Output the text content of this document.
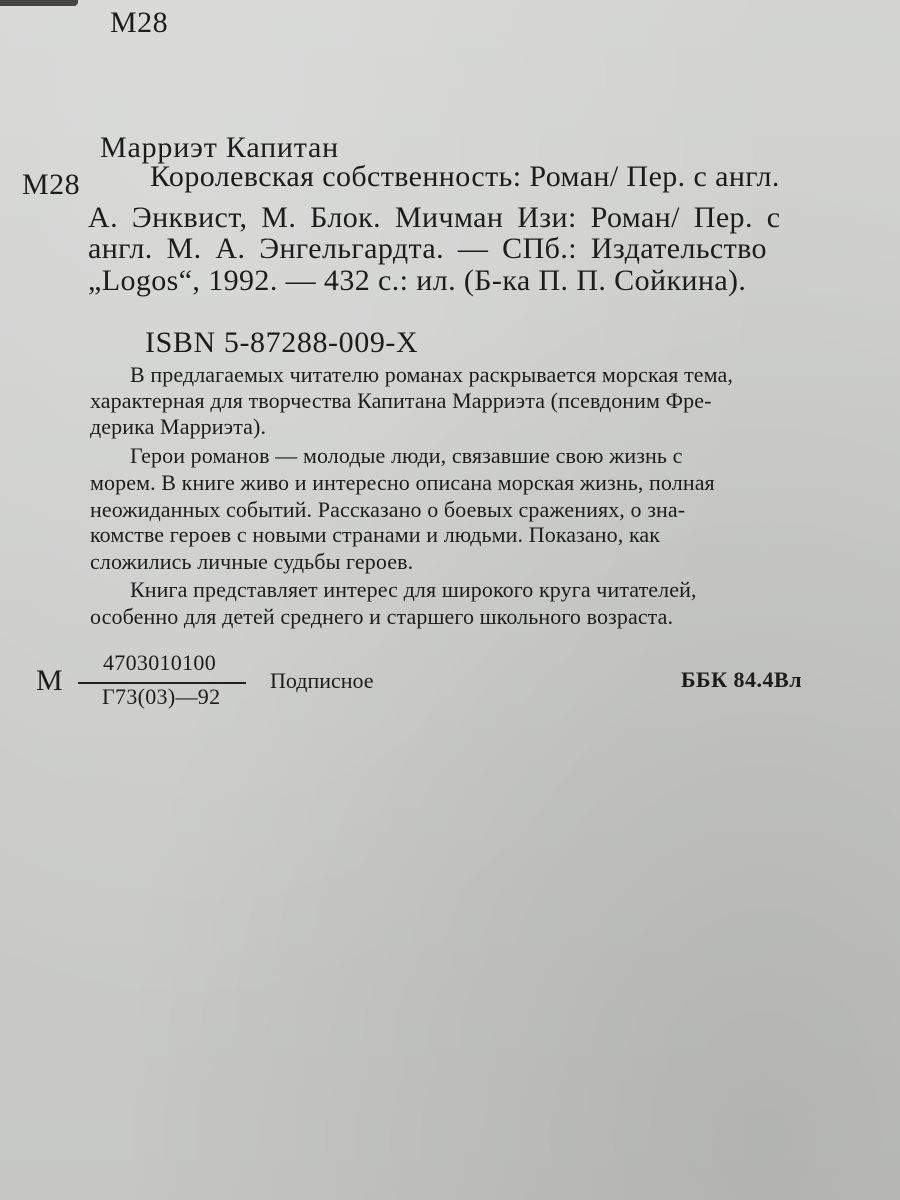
М28
Марриэт Капитан
М28 Королевская собственность: Роман/ Пер. с англ.
А. Энквист, М. Блок. Мичман Изи: Роман/ Пер. с
англ. М. А. Энгельгардта. — СПб.: Издательство
„Logos“, 1992. — 432 с.: ил. (Б-ка П. П. Сойкина).
ISBN 5-87288-009-X
В предлагаемых читателю романах раскрывается морская тема,
характерная для творчества Капитана Марриэта (псевдоним Фре-
дерика Марриэта).
Герои романов — молодые люди, связавшие свою жизнь с
морем. В книге живо и интересно описана морская жизнь, полная
неожиданных событий. Рассказано о боевых сражениях, о зна-
комстве героев с новыми странами и людьми. Показано, как
сложились личные судьбы героев.
Книга представляет интерес для широкого круга читателей,
особенно для детей среднего и старшего школьного возраста.
М
4703010100
Г73(03)—92
Подписное	ББК 84.4Вл
